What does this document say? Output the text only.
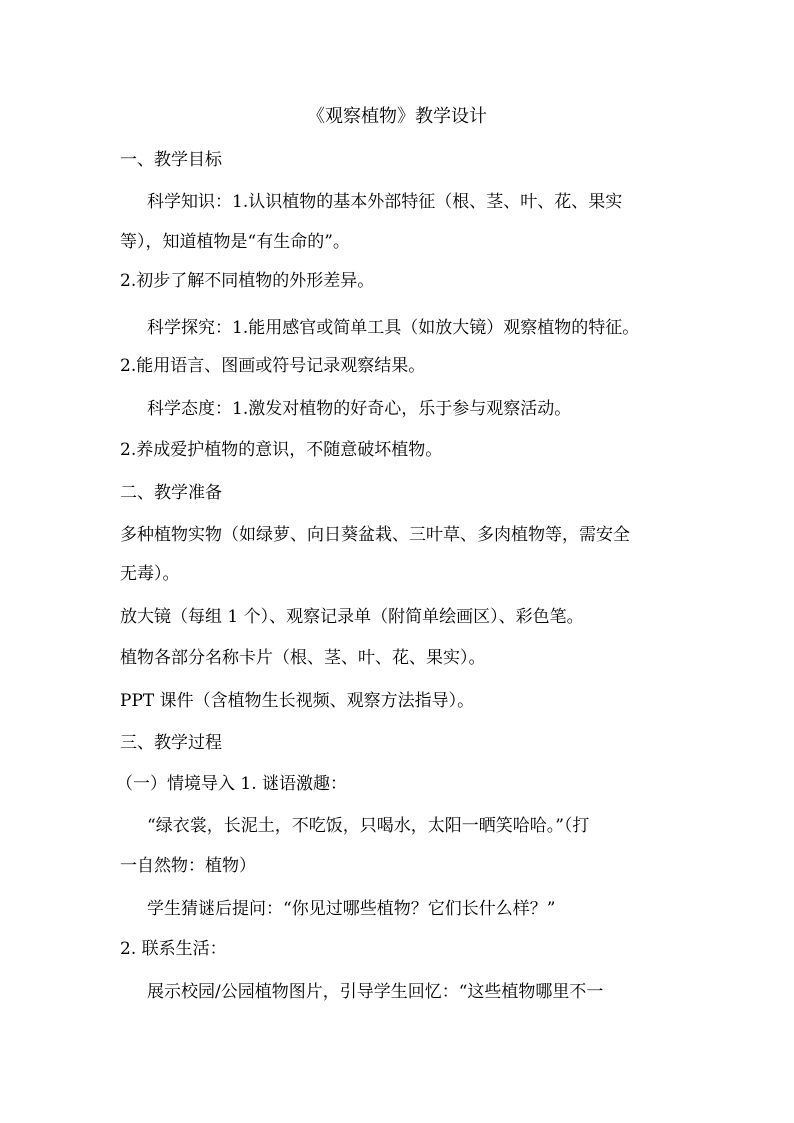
《观察植物》教学设计
一、教学目标
科学知识：1.认识植物的基本外部特征（根、茎、叶、花、果实
等），知道植物是“有生命的”。
2.初步了解不同植物的外形差异。
科学探究：1.能用感官或简单工具（如放大镜）观察植物的特征。
2.能用语言、图画或符号记录观察结果。
科学态度：1.激发对植物的好奇心，乐于参与观察活动。
2.养成爱护植物的意识，不随意破坏植物。
二、教学准备
多种植物实物（如绿萝、向日葵盆栽、三叶草、多肉植物等，需安全
无毒）。
放大镜（每组 1 个）、观察记录单（附简单绘画区）、彩色笔。
植物各部分名称卡片（根、茎、叶、花、果实）。
PPT 课件（含植物生长视频、观察方法指导）。
三、教学过程
（一）情境导入 1. 谜语激趣：
“绿衣裳，长泥土，不吃饭，只喝水，太阳一晒笑哈哈。”（打
一自然物：植物）
学生猜谜后提问：“你见过哪些植物？它们长什么样？”
2. 联系生活：
展示校园/公园植物图片，引导学生回忆：“这些植物哪里不一
